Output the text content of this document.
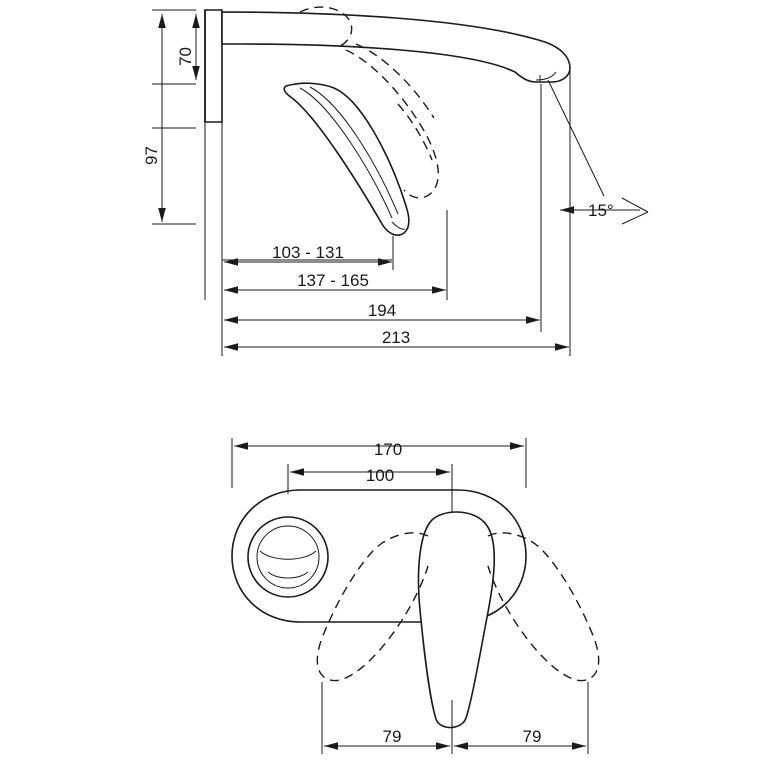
70
97
103 - 131
137 - 165
194
213
15°
170
100
79	79
